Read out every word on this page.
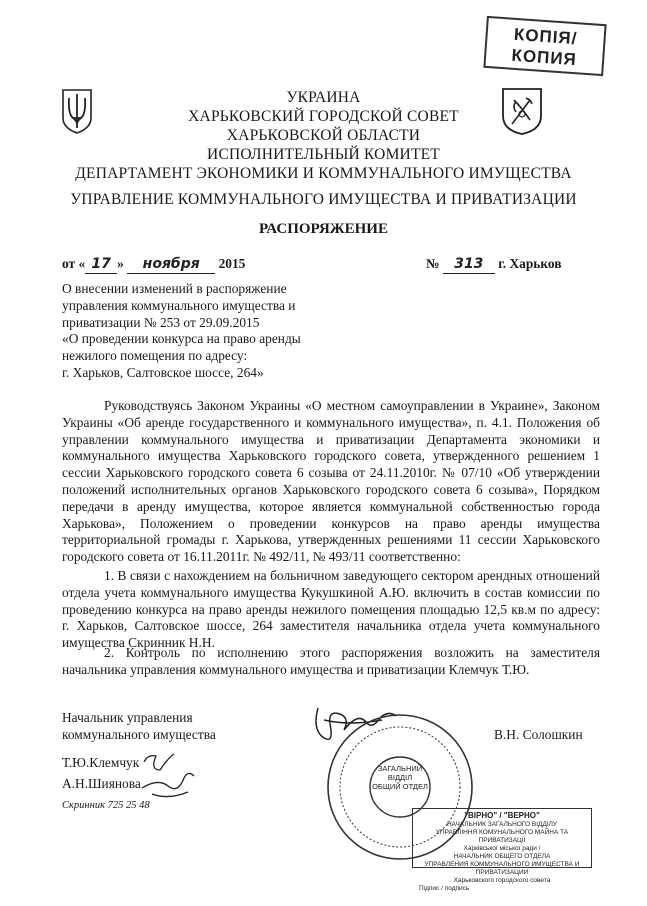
КОПІЯ/
КОПИЯ
УКРАИНА
ХАРЬКОВСКИЙ ГОРОДСКОЙ СОВЕТ
ХАРЬКОВСКОЙ ОБЛАСТИ
ИСПОЛНИТЕЛЬНЫЙ КОМИТЕТ
ДЕПАРТАМЕНТ ЭКОНОМИКИ И КОММУНАЛЬНОГО ИМУЩЕСТВА
УПРАВЛЕНИЕ КОММУНАЛЬНОГО ИМУЩЕСТВА И ПРИВАТИЗАЦИИ
РАСПОРЯЖЕНИЕ
от « 17 » ноября 2015	№ 313 г. Харьков
О внесении изменений в распоряжение
управления коммунального имущества и
приватизации № 253 от 29.09.2015
«О проведении конкурса на право аренды
нежилого помещения по адресу:
г. Харьков, Салтовское шоссе, 264»
Руководствуясь Законом Украины «О местном самоуправлении в Украине», Законом Украины «Об аренде государственного и коммунального имущества», п. 4.1. Положения об управлении коммунального имущества и приватизации Департамента экономики и коммунального имущества Харьковского городского совета, утвержденного решением 1 сессии Харьковского городского совета 6 созыва от 24.11.2010г. № 07/10 «Об утверждении положений исполнительных органов Харьковского городского совета 6 созыва», Порядком передачи в аренду имущества, которое является коммунальной собственностью города Харькова», Положением о проведении конкурсов на право аренды имущества территориальной громады г. Харькова, утвержденных решениями 11 сессии Харьковского городского совета от 16.11.2011г. № 492/11, № 493/11 соответственно:
1. В связи с нахождением на больничном заведующего сектором арендных отношений отдела учета коммунального имущества Кукушкиной А.Ю. включить в состав комиссии по проведению конкурса на право аренды нежилого помещения площадью 12,5 кв.м по адресу: г. Харьков, Салтовское шоссе, 264 заместителя начальника отдела учета коммунального имущества Скринник Н.Н.
2. Контроль по исполнению этого распоряжения возложить на заместителя начальника управления коммунального имущества и приватизации Клемчук Т.Ю.
Начальник управления
коммунального имущества	В.Н. Солошкин
ЗАГАЛЬНИЙ
ВІДДІЛ
ОБЩИЙ ОТДЕЛ
Т.Ю.Клемчук
А.Н.Шиянова
Скринник 725 25 48
"ВІРНО" / "ВЕРНО"
НАЧАЛЬНИК ЗАГАЛЬНОГО ВІДДІЛУ
УПРАВЛІННЯ КОМУНАЛЬНОГО МАЙНА ТА ПРИВАТИЗАЦІЇ
Харківської міської ради /
НАЧАЛЬНИК ОБЩЕГО ОТДЕЛА
УПРАВЛЕНИЯ КОММУНАЛЬНОГО ИМУЩЕСТВА И ПРИВАТИЗАЦИИ
Харьковского городского совета
Підпис / подпись
